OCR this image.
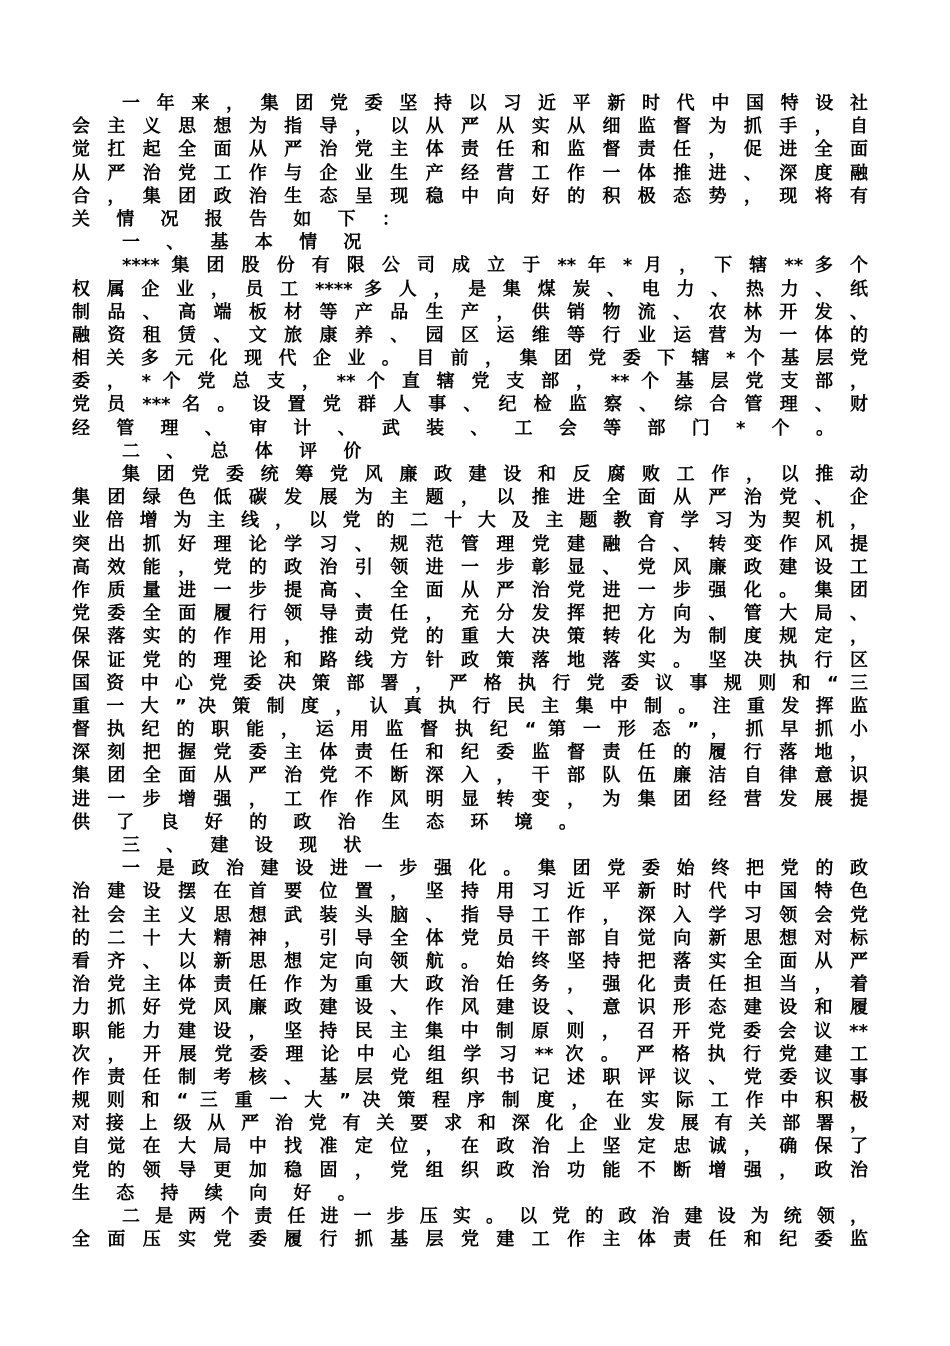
一 年 来 ， 集 团 党 委 坚 持 以 习 近 平 新 时 代 中 国 特 设 社
会 主 义 思 想 为 指 导 ， 以 从 严 从 实 从 细 监 督 为 抓 手 ， 自
觉 扛 起 全 面 从 严 治 党 主 体 责 任 和 监 督 责 任 ， 促 进 全 面
从 严 治 党 工 作 与 企 业 生 产 经 营 工 作 一 体 推 进 、 深 度 融
合 ， 集 团 政 治 生 态 呈 现 稳 中 向 好 的 积 极 态 势 ， 现 将 有
关 情 况 报 告 如 下 ：
一 、 基 本 情 况
**** 集 团 股 份 有 限 公 司 成 立 于 ** 年 * 月 ， 下 辖 ** 多 个
权 属 企 业 ， 员 工 **** 多 人 ， 是 集 煤 炭 、 电 力 、 热 力 、 纸
制 品 、 高 端 板 材 等 产 品 生 产 ， 供 销 物 流 、 农 林 开 发 、
融 资 租 赁 、 文 旅 康 养 、 园 区 运 维 等 行 业 运 营 为 一 体 的
相 关 多 元 化 现 代 企 业 。 目 前 ， 集 团 党 委 下 辖 * 个 基 层 党
委 ， * 个 党 总 支 ， ** 个 直 辖 党 支 部 ， ** 个 基 层 党 支 部 ，
党 员 *** 名 。 设 置 党 群 人 事 、 纪 检 监 察 、 综 合 管 理 、 财
经 管 理 、 审 计 、 武 装 、 工 会 等 部 门 * 个 。
二 、 总 体 评 价
集 团 党 委 统 筹 党 风 廉 政 建 设 和 反 腐 败 工 作 ， 以 推 动
集 团 绿 色 低 碳 发 展 为 主 题 ， 以 推 进 全 面 从 严 治 党 、 企
业 倍 增 为 主 线 ， 以 党 的 二 十 大 及 主 题 教 育 学 习 为 契 机 ，
突 出 抓 好 理 论 学 习 、 规 范 管 理 党 建 融 合 、 转 变 作 风 提
高 效 能 ， 党 的 政 治 引 领 进 一 步 彰 显 、 党 风 廉 政 建 设 工
作 质 量 进 一 步 提 高 、 全 面 从 严 治 党 进 一 步 强 化 。 集 团
党 委 全 面 履 行 领 导 责 任 ， 充 分 发 挥 把 方 向 、 管 大 局 、
保 落 实 的 作 用 ， 推 动 党 的 重 大 决 策 转 化 为 制 度 规 定 ，
保 证 党 的 理 论 和 路 线 方 针 政 策 落 地 落 实 。 坚 决 执 行 区
国 资 中 心 党 委 决 策 部 署 ， 严 格 执 行 党 委 议 事 规 则 和 “ 三
重 一 大 ” 决 策 制 度 ， 认 真 执 行 民 主 集 中 制 。 注 重 发 挥 监
督 执 纪 的 职 能 ， 运 用 监 督 执 纪 “ 第 一 形 态 ” ， 抓 早 抓 小
深 刻 把 握 党 委 主 体 责 任 和 纪 委 监 督 责 任 的 履 行 落 地 ，
集 团 全 面 从 严 治 党 不 断 深 入 ， 干 部 队 伍 廉 洁 自 律 意 识
进 一 步 增 强 ， 工 作 作 风 明 显 转 变 ， 为 集 团 经 营 发 展 提
供 了 良 好 的 政 治 生 态 环 境 。
三 、 建 设 现 状
一 是 政 治 建 设 进 一 步 强 化 。 集 团 党 委 始 终 把 党 的 政
治 建 设 摆 在 首 要 位 置 ， 坚 持 用 习 近 平 新 时 代 中 国 特 色
社 会 主 义 思 想 武 装 头 脑 、 指 导 工 作 ， 深 入 学 习 领 会 党
的 二 十 大 精 神 ， 引 导 全 体 党 员 干 部 自 觉 向 新 思 想 对 标
看 齐 、 以 新 思 想 定 向 领 航 。 始 终 坚 持 把 落 实 全 面 从 严
治 党 主 体 责 任 作 为 重 大 政 治 任 务 ， 强 化 责 任 担 当 ， 着
力 抓 好 党 风 廉 政 建 设 、 作 风 建 设 、 意 识 形 态 建 设 和 履
职 能 力 建 设 ， 坚 持 民 主 集 中 制 原 则 ， 召 开 党 委 会 议 **
次 ， 开 展 党 委 理 论 中 心 组 学 习 ** 次 。 严 格 执 行 党 建 工
作 责 任 制 考 核 、 基 层 党 组 织 书 记 述 职 评 议 、 党 委 议 事
规 则 和 “ 三 重 一 大 ” 决 策 程 序 制 度 ， 在 实 际 工 作 中 积 极
对 接 上 级 从 严 治 党 有 关 要 求 和 深 化 企 业 发 展 有 关 部 署 ，
自 觉 在 大 局 中 找 准 定 位 ， 在 政 治 上 坚 定 忠 诚 ， 确 保 了
党 的 领 导 更 加 稳 固 ， 党 组 织 政 治 功 能 不 断 增 强 ， 政 治
生 态 持 续 向 好 。
二 是 两 个 责 任 进 一 步 压 实 。 以 党 的 政 治 建 设 为 统 领 ，
全 面 压 实 党 委 履 行 抓 基 层 党 建 工 作 主 体 责 任 和 纪 委 监
